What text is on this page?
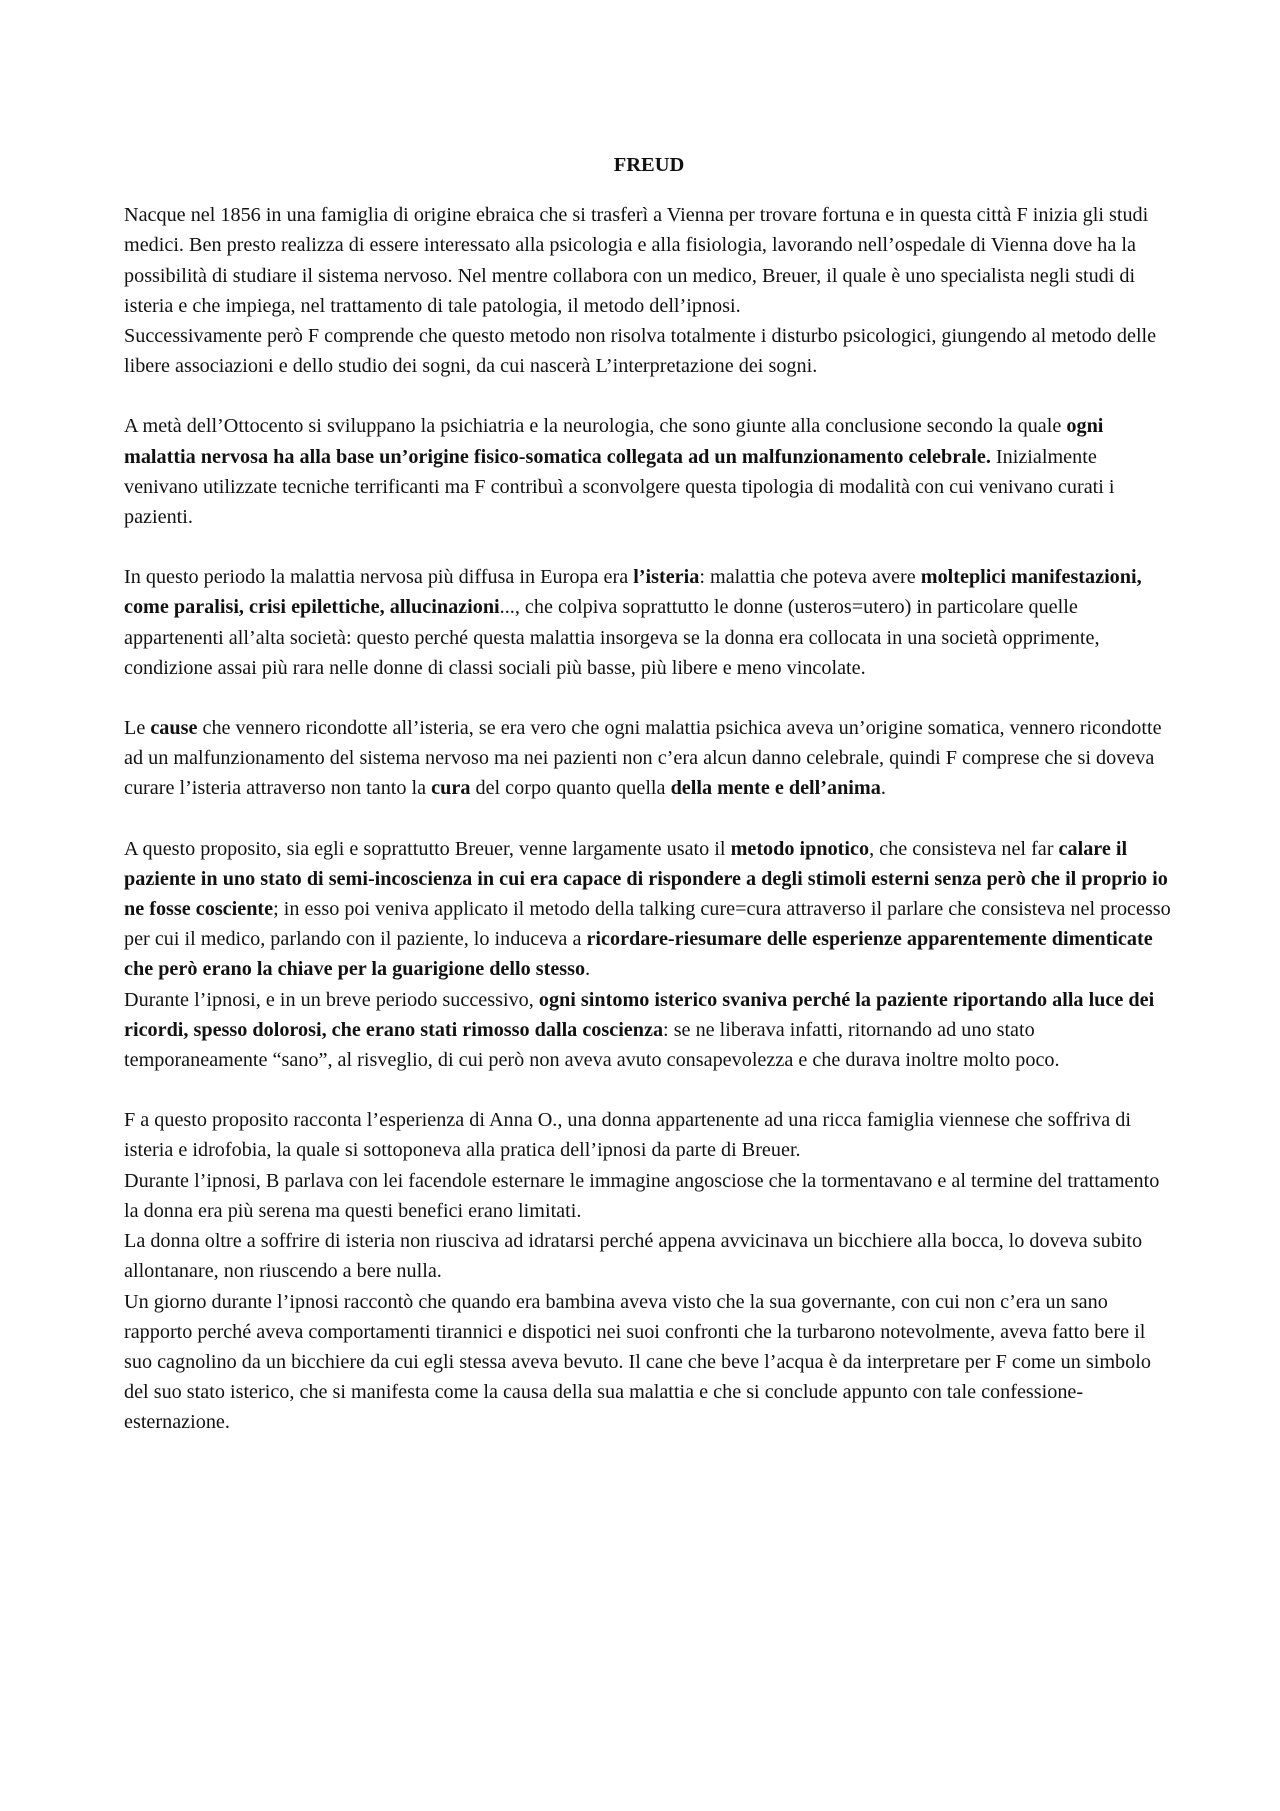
FREUD

Nacque nel 1856 in una famiglia di origine ebraica che si trasferì a Vienna per trovare fortuna e in questa città F inizia gli studi medici. Ben presto realizza di essere interessato alla psicologia e alla fisiologia, lavorando nell’ospedale di Vienna dove ha la possibilità di studiare il sistema nervoso. Nel mentre collabora con un medico, Breuer, il quale è uno specialista negli studi di isteria e che impiega, nel trattamento di tale patologia, il metodo dell’ipnosi.

Successivamente però F comprende che questo metodo non risolva totalmente i disturbo psicologici, giungendo al metodo delle libere associazioni e dello studio dei sogni, da cui nascerà L’interpretazione dei sogni.

A metà dell’Ottocento si sviluppano la psichiatria e la neurologia, che sono giunte alla conclusione secondo la quale ogni malattia nervosa ha alla base un’origine fisico-somatica collegata ad un malfunzionamento celebrale. Inizialmente venivano utilizzate tecniche terrificanti ma F contribuì a sconvolgere questa tipologia di modalità con cui venivano curati i pazienti.

In questo periodo la malattia nervosa più diffusa in Europa era l’isteria: malattia che poteva avere molteplici manifestazioni, come paralisi, crisi epilettiche, allucinazioni..., che colpiva soprattutto le donne (usteros=utero) in particolare quelle appartenenti all’alta società: questo perché questa malattia insorgeva se la donna era collocata in una società opprimente, condizione assai più rara nelle donne di classi sociali più basse, più libere e meno vincolate.

Le cause che vennero ricondotte all’isteria, se era vero che ogni malattia psichica aveva un’origine somatica, vennero ricondotte ad un malfunzionamento del sistema nervoso ma nei pazienti non c’era alcun danno celebrale, quindi F comprese che si doveva curare l’isteria attraverso non tanto la cura del corpo quanto quella della mente e dell’anima.

A questo proposito, sia egli e soprattutto Breuer, venne largamente usato il metodo ipnotico, che consisteva nel far calare il paziente in uno stato di semi-incoscienza in cui era capace di rispondere a degli stimoli esterni senza però che il proprio io ne fosse cosciente; in esso poi veniva applicato il metodo della talking cure=cura attraverso il parlare che consisteva nel processo per cui il medico, parlando con il paziente, lo induceva a ricordare-riesumare delle esperienze apparentemente dimenticate che però erano la chiave per la guarigione dello stesso.

Durante l’ipnosi, e in un breve periodo successivo, ogni sintomo isterico svaniva perché la paziente riportando alla luce dei ricordi, spesso dolorosi, che erano stati rimosso dalla coscienza: se ne liberava infatti, ritornando ad uno stato temporaneamente “sano”, al risveglio, di cui però non aveva avuto consapevolezza e che durava inoltre molto poco.

F a questo proposito racconta l’esperienza di Anna O., una donna appartenente ad una ricca famiglia viennese che soffriva di isteria e idrofobia, la quale si sottoponeva alla pratica dell’ipnosi da parte di Breuer.

Durante l’ipnosi, B parlava con lei facendole esternare le immagine angosciose che la tormentavano e al termine del trattamento la donna era più serena ma questi benefici erano limitati.

La donna oltre a soffrire di isteria non riusciva ad idratarsi perché appena avvicinava un bicchiere alla bocca, lo doveva subito allontanare, non riuscendo a bere nulla.

Un giorno durante l’ipnosi raccontò che quando era bambina aveva visto che la sua governante, con cui non c’era un sano rapporto perché aveva comportamenti tirannici e dispotici nei suoi confronti che la turbarono notevolmente, aveva fatto bere il suo cagnolino da un bicchiere da cui egli stessa aveva bevuto. Il cane che beve l’acqua è da interpretare per F come un simbolo del suo stato isterico, che si manifesta come la causa della sua malattia e che si conclude appunto con tale confessione-esternazione.
